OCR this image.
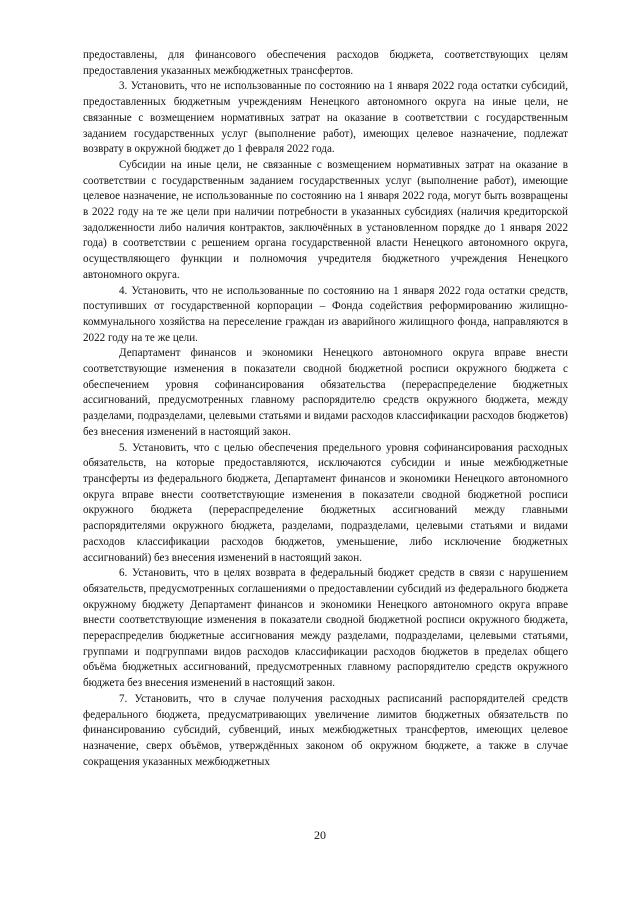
предоставлены, для финансового обеспечения расходов бюджета, соответствующих целям предоставления указанных межбюджетных трансфертов.

3. Установить, что не использованные по состоянию на 1 января 2022 года остатки субсидий, предоставленных бюджетным учреждениям Ненецкого автономного округа на иные цели, не связанные с возмещением нормативных затрат на оказание в соответствии с государственным заданием государственных услуг (выполнение работ), имеющих целевое назначение, подлежат возврату в окружной бюджет до 1 февраля 2022 года.

Субсидии на иные цели, не связанные с возмещением нормативных затрат на оказание в соответствии с государственным заданием государственных услуг (выполнение работ), имеющие целевое назначение, не использованные по состоянию на 1 января 2022 года, могут быть возвращены в 2022 году на те же цели при наличии потребности в указанных субсидиях (наличия кредиторской задолженности либо наличия контрактов, заключённых в установленном порядке до 1 января 2022 года) в соответствии с решением органа государственной власти Ненецкого автономного округа, осуществляющего функции и полномочия учредителя бюджетного учреждения Ненецкого автономного округа.

4. Установить, что не использованные по состоянию на 1 января 2022 года остатки средств, поступивших от государственной корпорации – Фонда содействия реформированию жилищно-коммунального хозяйства на переселение граждан из аварийного жилищного фонда, направляются в 2022 году на те же цели.

Департамент финансов и экономики Ненецкого автономного округа вправе внести соответствующие изменения в показатели сводной бюджетной росписи окружного бюджета с обеспечением уровня софинансирования обязательства (перераспределение бюджетных ассигнований, предусмотренных главному распорядителю средств окружного бюджета, между разделами, подразделами, целевыми статьями и видами расходов классификации расходов бюджетов) без внесения изменений в настоящий закон.

5. Установить, что с целью обеспечения предельного уровня софинансирования расходных обязательств, на которые предоставляются, исключаются субсидии и иные межбюджетные трансферты из федерального бюджета, Департамент финансов и экономики Ненецкого автономного округа вправе внести соответствующие изменения в показатели сводной бюджетной росписи окружного бюджета (перераспределение бюджетных ассигнований между главными распорядителями окружного бюджета, разделами, подразделами, целевыми статьями и видами расходов классификации расходов бюджетов, уменьшение, либо исключение бюджетных ассигнований) без внесения изменений в настоящий закон.

6. Установить, что в целях возврата в федеральный бюджет средств в связи с нарушением обязательств, предусмотренных соглашениями о предоставлении субсидий из федерального бюджета окружному бюджету Департамент финансов и экономики Ненецкого автономного округа вправе внести соответствующие изменения в показатели сводной бюджетной росписи окружного бюджета, перераспределив бюджетные ассигнования между разделами, подразделами, целевыми статьями, группами и подгруппами видов расходов классификации расходов бюджетов в пределах общего объёма бюджетных ассигнований, предусмотренных главному распорядителю средств окружного бюджета без внесения изменений в настоящий закон.

7. Установить, что в случае получения расходных расписаний распорядителей средств федерального бюджета, предусматривающих увеличение лимитов бюджетных обязательств по финансированию субсидий, субвенций, иных межбюджетных трансфертов, имеющих целевое назначение, сверх объёмов, утверждённых законом об окружном бюджете, а также в случае сокращения указанных межбюджетных

20
